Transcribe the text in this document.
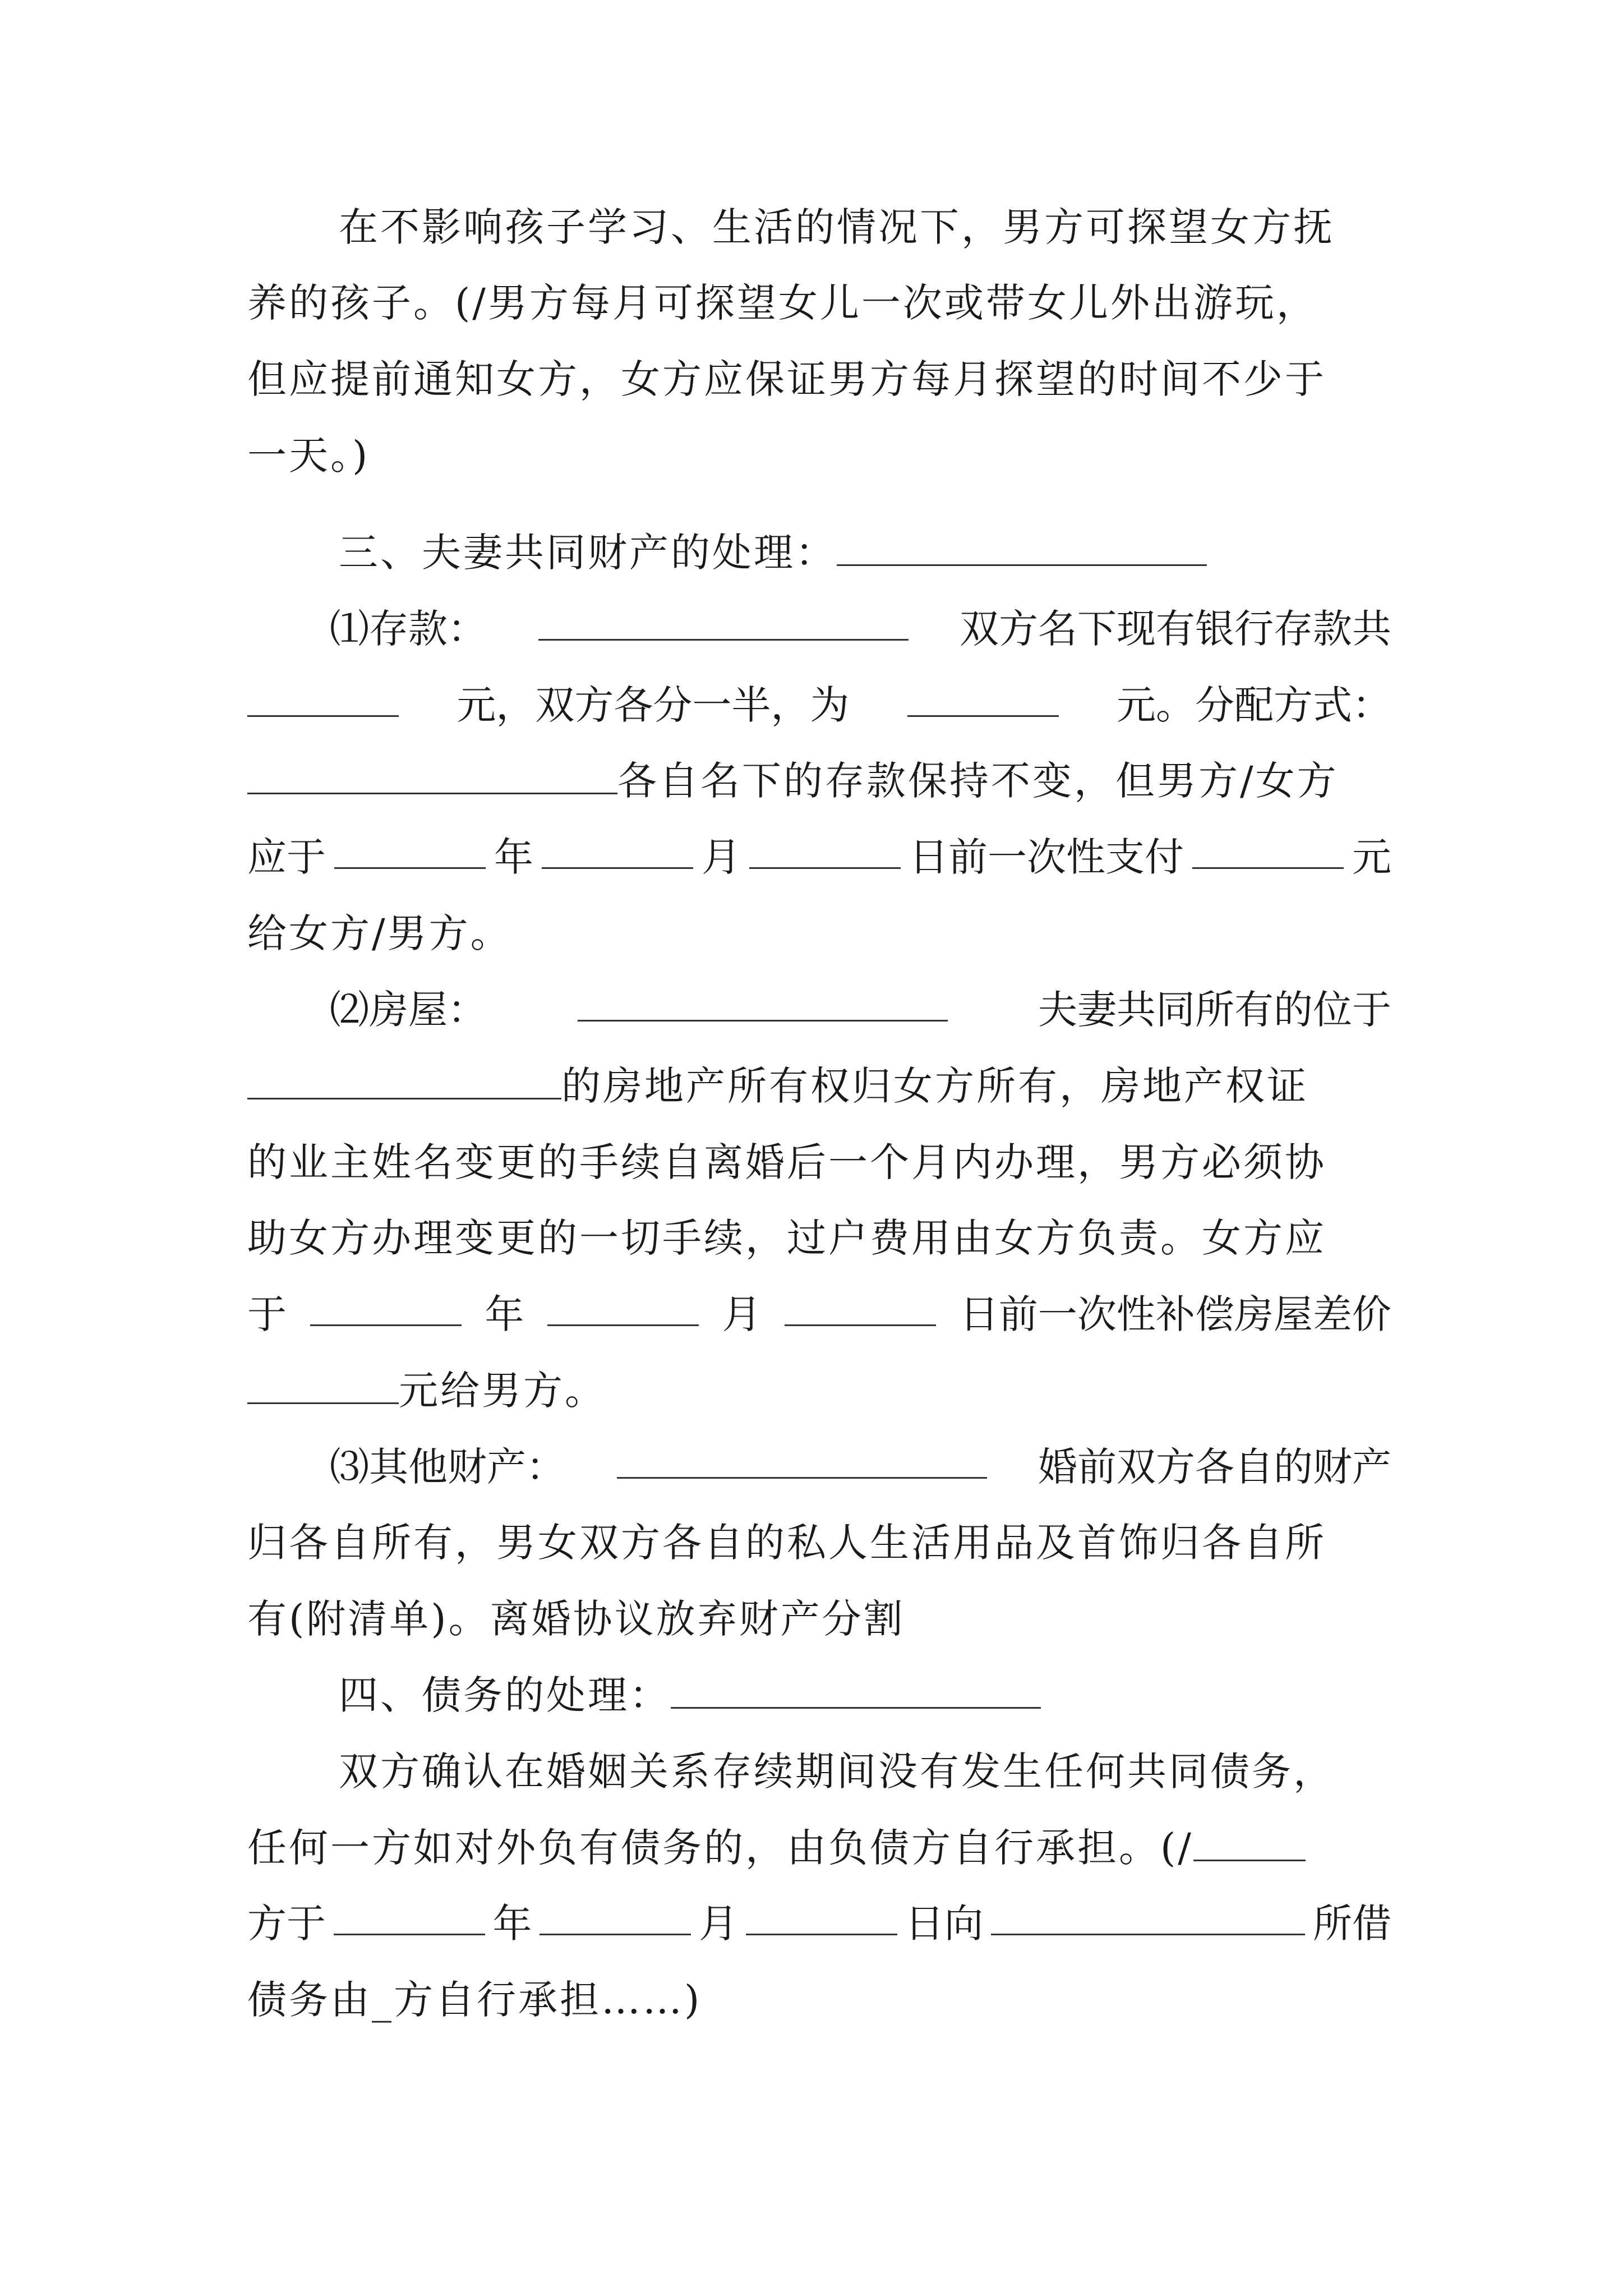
在不影响孩子学习、生活的情况下，男方可探望女方抚
养的孩子。(/男方每月可探望女儿一次或带女儿外出游玩，
但应提前通知女方，女方应保证男方每月探望的时间不少于
一天。)
三、夫妻共同财产的处理：
⑴存款：	双方名下现有银行存款共
元，双方各分一半，为	元。分配方式：
各自名下的存款保持不变，但男方/女方
应于	年	月	日前一次性支付	元
给女方/男方。
⑵房屋：	夫妻共同所有的位于
的房地产所有权归女方所有，房地产权证
的业主姓名变更的手续自离婚后一个月内办理，男方必须协
助女方办理变更的一切手续，过户费用由女方负责。女方应
于	年	月	日前一次性补偿房屋差价
元给男方。
⑶其他财产：	婚前双方各自的财产
归各自所有，男女双方各自的私人生活用品及首饰归各自所
有(附清单)。离婚协议放弃财产分割
四、债务的处理：
双方确认在婚姻关系存续期间没有发生任何共同债务，
任何一方如对外负有债务的，由负债方自行承担。(/
方于	年	月	日向	所借
债务由_方自行承担……)
